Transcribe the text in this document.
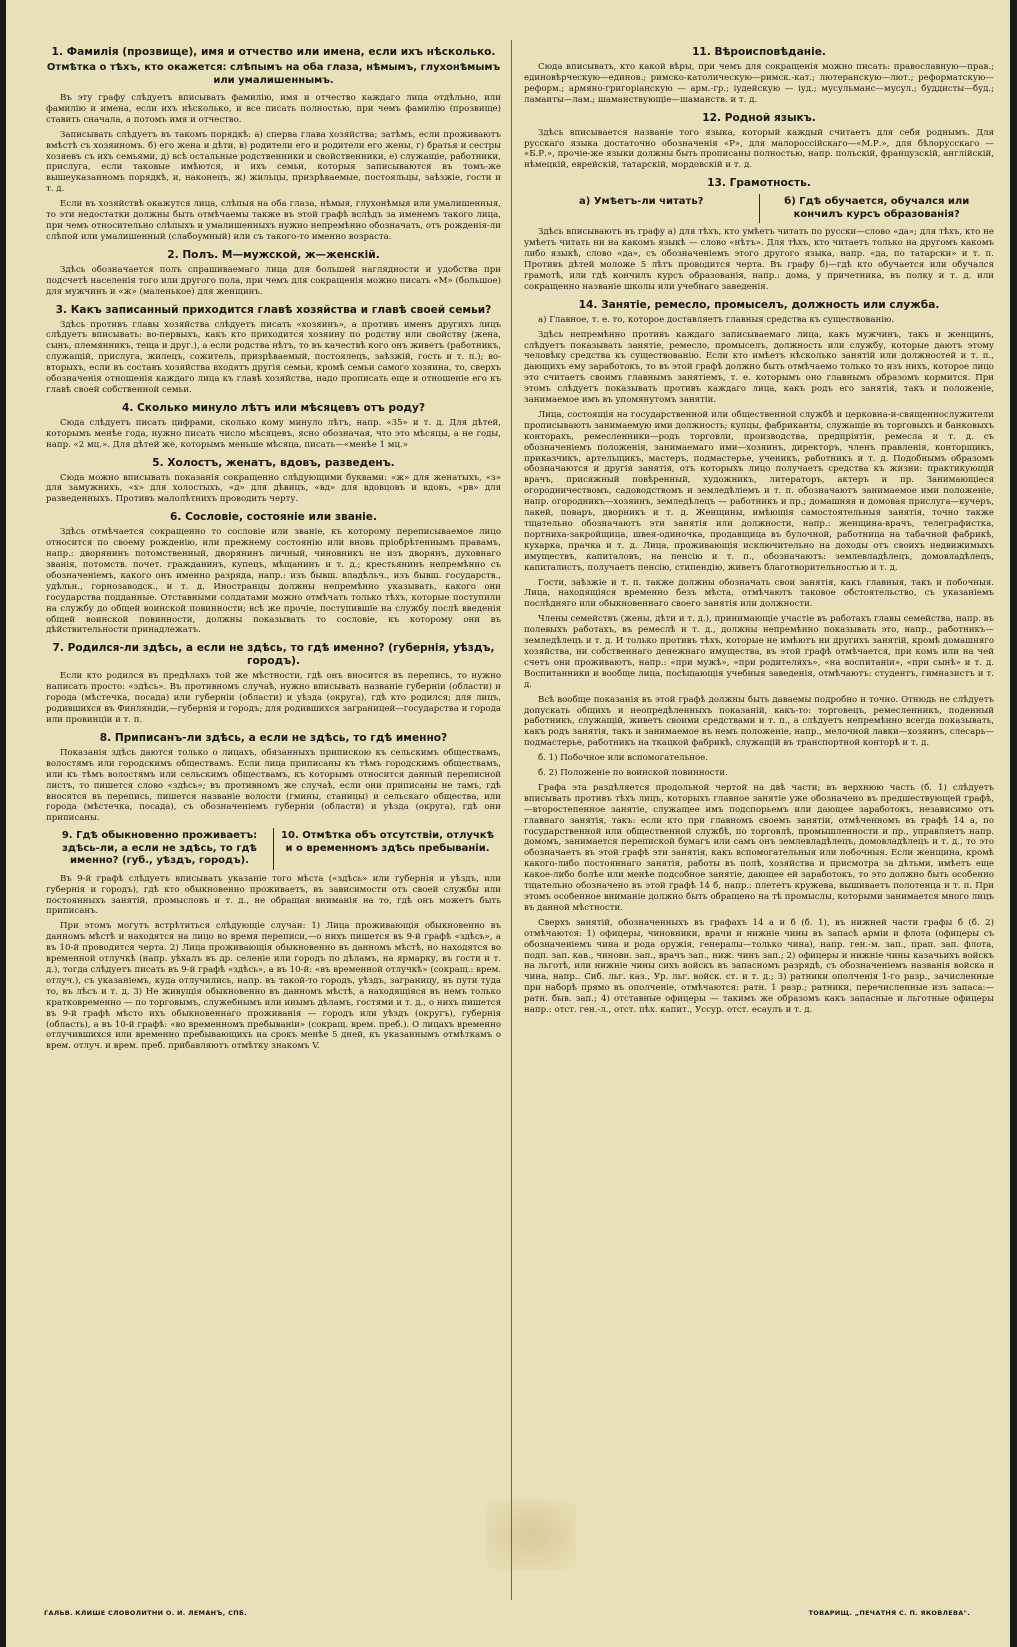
1. Фамилія (прозвище), имя и отчество или имена, если ихъ нѣсколько.
Отмѣтка о тѣхъ, кто окажется: слѣпымъ на оба глаза, нѣмымъ, глухонѣмымъ или умалишеннымъ.

Въ эту графу слѣдуетъ вписывать фамилію, имя и отчество каждаго лица отдѣльно, или фамилію и имена, если ихъ нѣсколько, и все писать полностью, при чемъ фамилію (прозвище) ставить сначала, а потомъ имя и отчество.

Записывать слѣдуетъ въ такомъ порядкѣ: а) сперва глава хозяйства; затѣмъ, если проживаютъ вмѣстѣ съ хозяиномъ. б) его жена и дѣти, в) родители его и родители его жены, г) братья и сестры хозяевъ съ ихъ семьями, д) всѣ остальные родственники и свойственники, е) служащіе, работники, прислуга, если таковые имѣются, и ихъ семьи, которыя записываются въ томъ-же вышеуказанномъ порядкѣ, и, наконецъ, ж) жильцы, призрѣваемые, постояльцы, заѣзжіе, гости и т. д.

Если въ хозяйствѣ окажутся лица, слѣпыя на оба глаза, нѣмыя, глухонѣмыя или умалишенныя, то эти недостатки должны быть отмѣчаемы также въ этой графѣ вслѣдъ за именемъ такого лица, при чемъ относительно слѣпыхъ и умалишенныхъ нужно непремѣнно обозначать, отъ рожденія-ли слѣпой или умалишенный (слабоумный) или съ такого-то именно возраста.

2. Полъ. М—мужской, ж—женскій.

Здѣсь обозначается полъ спрашиваемаго лица для большей наглядности и удобства при подсчетѣ населенія того или другого пола, при чемъ для сокращенія можно писать «М» (большое) для мужчинъ и «ж» (маленькое) для женщинъ.

3. Какъ записанный приходится главѣ хозяйства и главѣ своей семьи?

Здѣсь противъ главы хозяйства слѣдуетъ писать «хозяинъ», а противъ именъ другихъ лицъ слѣдуетъ вписывать: во-первыхъ, какъ кто приходится хозяину по родству или свойству (жена, сынъ, племянникъ, теща и друг.), а если родства нѣтъ, то въ качествѣ кого онъ живетъ (работникъ, служащій, прислуга, жилецъ, сожитель, призрѣваемый, постоялецъ, заѣзжій, гость и т. п.); во-вторыхъ, если въ составъ хозяйства входятъ другія семьи, кромѣ семьи самого хозяина, то, сверхъ обозначенія отношенія каждаго лица къ главѣ хозяйства, надо прописать еще и отношеніе его къ главѣ своей собственной семьи.

4. Сколько минуло лѣтъ или мѣсяцевъ отъ роду?

Сюда слѣдуетъ писать цифрами, сколько кому минуло лѣтъ, напр. «35» и т. д. Для дѣтей, которымъ менѣе года, нужно писать число мѣсяцевъ, ясно обозначая, что это мѣсяцы, а не годы, напр. «2 мц.». Для дѣтей же, которымъ меньше мѣсяца, писать—«менѣе 1 мц.»

5. Холостъ, женатъ, вдовъ, разведенъ.

Сюда можно вписывать показанія сокращенно слѣдующими буквами: «ж» для женатыхъ, «з» для замужнихъ, «х» для холостыхъ, «д» для дѣвицъ, «вд» для вдовцовъ и вдовъ, «рв» для разведенныхъ. Противъ малолѣтнихъ проводить черту.

6. Сословіе, состояніе или званіе.

Здѣсь отмѣчается сокращенно то сословіе или званіе, къ которому переписываемое лицо относится по своему рожденію, или прежнему состоянію или вновь пріобрѣтеннымъ правамъ, напр.: дворянинъ потомственный, дворянинъ личный, чиновникъ не изъ дворянъ, духовнаго званія, потомств. почет. гражданинъ, купецъ, мѣщанинъ и т. д.; крестьянинъ непремѣнно съ обозначеніемъ, какого онъ именно разряда, напр.: изъ бывш. владѣльч., изъ бывш. государств., удѣльн., горнозаводск., и т. д. Иностранцы должны непремѣнно указывать, какого они государства подданные. Отставными солдатами можно отмѣчать только тѣхъ, которые поступили на службу до общей воинской повинности; всѣ же прочіе, поступившіе на службу послѣ введенія общей воинской повинности, должны показывать то сословіе, къ которому они въ дѣйствительности принадлежатъ.

7. Родился-ли здѣсь, а если не здѣсь, то гдѣ именно? (губернія, уѣздъ, городъ).

Если кто родился въ предѣлахъ той же мѣстности, гдѣ онъ вносится въ перепись, то нужно написать просто: «здѣсь». Въ противномъ случаѣ, нужно вписывать названіе губерніи (области) и города (мѣстечка, посада) или губерніи (области) и уѣзда (округа), гдѣ кто родился; для лицъ, родившихся въ Финляндіи,—губернія и городъ; для родившихся заграницей—государства и города или провинціи и т. п.

8. Приписанъ-ли здѣсь, а если не здѣсь, то гдѣ именно?

Показанія здѣсь даются только о лицахъ, обязанныхъ припискою къ сельскимъ обществамъ, волостямъ или городскимъ обществамъ. Если лица приписаны къ тѣмъ городскимъ обществамъ, или къ тѣмъ волостямъ или сельскимъ обществамъ, къ которымъ относится данный переписной листъ, то пишется слово «здѣсь»; въ противномъ же случаѣ, если они приписаны не тамъ, гдѣ вносятся въ перепись, пишется названіе волости (гмины, станицы) и сельскаго общества, или города (мѣстечка, посада), съ обозначеніемъ губерніи (области) и уѣзда (округа), гдѣ они приписаны.

9. Гдѣ обыкновенно проживаетъ: здѣсь-ли, а если не здѣсь, то гдѣ именно? (губ., уѣздъ, городъ).
10. Отмѣтка объ отсутствіи, отлучкѣ и о временномъ здѣсь пребываніи.

Въ 9-й графѣ слѣдуетъ вписывать указаніе того мѣста («здѣсь» или губернія и уѣздъ, или губернія и городъ), гдѣ кто обыкновенно проживаетъ, въ зависимости отъ своей службы или постоянныхъ занятій, промысловъ и т. д., не обращая вниманія на то, гдѣ онъ можетъ быть приписанъ.

При этомъ могутъ встрѣтиться слѣдующіе случаи: 1) Лица проживающія обыкновенно въ данномъ мѣстѣ и находятся на лицо во время переписи,—о нихъ пишется въ 9-й графѣ «здѣсь», а въ 10-й проводится черта. 2) Лица проживающія обыкновенно въ данномъ мѣстѣ, но находятся во временной отлучкѣ (напр. уѣхалъ въ др. селеніе или городъ по дѣламъ, на ярмарку, въ гости и т. д.), тогда слѣдуетъ писать въ 9-й графѣ «здѣсь», а въ 10-й: «въ временной отлучкѣ» (сокращ.: врем. отлуч.), съ указаніемъ, куда отлучились, напр. въ такой-то городъ, уѣздъ, заграницу, въ пути туда то, въ лѣсъ и т. д. 3) Не живущія обыкновенно въ данномъ мѣстѣ, а находящіяся въ немъ только кратковременно — по торговымъ, служебнымъ или инымъ дѣламъ, гостями и т. д., о нихъ пишется въ 9-й графѣ мѣсто ихъ обыкновеннаго проживанія — городъ или уѣздъ (округъ), губернія (область), а въ 10-й графѣ: «во временномъ пребываніи» (сокращ. врем. преб.). О лицахъ временно отлучившихся или временно пребывающихъ на срокъ менѣе 5 дней, къ указаннымъ отмѣткамъ о врем. отлуч. и врем. преб. прибавляютъ отмѣтку знакомъ V.

11. Вѣроисповѣданіе.

Сюда вписывать, кто какой вѣры, при чемъ для сокращенія можно писать: православную—прав.; единовѣрческую—единов.; римско-католическую—римск.-кат.; лютеранскую—лют.; реформатскую—реформ.; армяно-григоріанскую — арм.-гр.; іудейскую — іуд.; мусульманс—мусул.; буддисты—буд.; ламаиты—лам.; шаманствующіе—шаманств. и т. д.

12. Родной языкъ.

Здѣсь вписывается названіе того языка, который каждый считаетъ для себя роднымъ. Для русскаго языка достаточно обозначенія «Р», для малороссійскаго—«М.Р.», для бѣлорусскаго — «Б.Р.», прочіе-же языки должны быть прописаны полностью, напр. польскій, французскій, англійскій, нѣмецкій, еврейскій, татарскій, мордовскій и т. д.

13. Грамотность.
а) Умѣетъ-ли читать?	б) Гдѣ обучается, обучался или кончилъ курсъ образованія?

Здѣсь вписываютъ въ графу а) для тѣхъ, кто умѣетъ читать по русски—слово «да»; для тѣхъ, кто не умѣетъ читать ни на какомъ языкѣ — слово «нѣтъ». Для тѣхъ, кто читаетъ только на другомъ какомъ либо языкѣ, слово «да», съ обозначеніемъ этого другого языка, напр. «да, по татарски» и т. п. Противъ дѣтей моложе 5 лѣтъ проводится черта. Въ графу б)—гдѣ кто обучается или обучался грамотѣ, или гдѣ кончилъ курсъ образованія, напр.: дома, у причетника, въ полку и т. д. или сокращенно названіе школы или учебнаго заведенія.

14. Занятіе, ремесло, промыселъ, должность или служба.

а) Главное, т. е. то, которое доставляетъ главныя средства къ существованію.

Здѣсь непремѣнно противъ каждаго записываемаго лица, какъ мужчинъ, такъ и женщинъ, слѣдуетъ показывать занятіе, ремесло, промыселъ, должность или службу, которые даютъ этому человѣку средства къ существованію. Если кто имѣетъ нѣсколько занятій или должностей и т. п., дающихъ ему заработокъ, то въ этой графѣ должно быть отмѣчаемо только то изъ нихъ, которое лицо это считаетъ своимъ главнымъ занятіемъ, т. е. которымъ оно главнымъ образомъ кормится. При этомъ слѣдуетъ показывать противъ каждаго лица, какъ родъ его занятія, такъ и положеніе, занимаемое имъ въ упомянутомъ занятіи.

Лица, состоящія на государственной или общественной службѣ и церковна-и-священнослужители прописываютъ занимаемую ими должность; купцы, фабриканты, служащіе въ торговыхъ и банковыхъ конторахъ, ремесленники—родъ торговли, производства, предпріятія, ремесла и т. д. съ обозначеніемъ положенія, занимаемаго ими—хозяинъ, директоръ, членъ правленія, конторщикъ, приказчикъ, артельщикъ, мастеръ, подмастерье, ученикъ, работникъ и т. д. Подобнымъ образомъ обозначаются и другія занятія, отъ которыхъ лицо получаетъ средства къ жизни: практикующій врачъ, присяжный повѣренный, художникъ, литераторъ, актеръ и пр. Занимающіеся огородничествомъ, садоводствомъ и земледѣліемъ и т. п. обозначаютъ занимаемое ими положеніе, напр. огородникъ—хозяинъ, земледѣлецъ — работникъ и пр.; домашняя и домовая прислуга—кучеръ, лакей, поваръ, дворникъ и т. д. Женщины, имѣющія самостоятельныя занятія, точно также тщательно обозначаютъ эти занятія или должности, напр.: женщина-врачъ, телеграфистка, портниха-закройщица, швея-одиночка, продавщица въ булочной, работница на табачной фабрикѣ, кухарка, прачка и т. д. Лица, проживающія исключительно на доходы отъ своихъ недвижимыхъ имуществъ, капиталовъ, на пенсію и т. п., обозначаютъ: землевладѣлецъ, домовладѣлецъ, капиталистъ, получаетъ пенсію, стипендію, живетъ благотворительностью и т. д.

Гости, заѣзжіе и т. п. также должны обозначать свои занятія, какъ главныя, такъ и побочныя. Лица, находящіяся временно безъ мѣста, отмѣчаютъ таковое обстоятельство, съ указаніемъ послѣдняго или обыкновеннаго своего занятія или должности.

Члены семействъ (жены, дѣти и т. д.), принимающіе участіе въ работахъ главы семейства, напр. въ полевыхъ работахъ, въ ремеслѣ и т. д., должны непремѣнно показывать это, напр., работникъ—земледѣлецъ и т. д. И только противъ тѣхъ, которые не имѣютъ ни другихъ занятій, кромѣ домашняго хозяйства, ни собственнаго денежнаго имущества, въ этой графѣ отмѣчается, при комъ или на чей счетъ они проживаютъ, напр.: «при мужѣ», «при родителяхъ», «на воспитаніи», «при сынѣ» и т. д. Воспитанники и вообще лица, посѣщающія учебныя заведенія, отмѣчаютъ: студентъ, гимназистъ и т. д.

Всѣ вообще показанія въ этой графѣ должны быть даваемы подробно и точно. Отнюдь не слѣдуетъ допускать общихъ и неопредѣленныхъ показаній, какъ-то: торговецъ, ремесленникъ, поденный работникъ, служащій, живетъ своими средствами и т. п., а слѣдуетъ непремѣнно всегда показывать, какъ родъ занятія, такъ и занимаемое въ немъ положеніе, напр., мелочной лавки—хозяинъ, слесарь—подмастерье, работникъ на ткацкой фабрикѣ, служащій въ транспортной конторѣ и т. д.

б. 1) Побочное или вспомогательное.

б. 2) Положеніе по воинской повинности.

Графа эта раздѣляется продольной чертой на двѣ части; въ верхнюю часть (б. 1) слѣдуетъ вписывать противъ тѣхъ лицъ, которыхъ главное занятіе уже обозначено въ предшествующей графѣ,—второстепенное занятіе, служащее имъ подспорьемъ или дающее заработокъ, независимо отъ главнаго занятія, такъ: если кто при главномъ своемъ занятіи, отмѣченномъ въ графѣ 14 а, по государственной или общественной службѣ, по торговлѣ, промышленности и пр., управляетъ напр. домомъ, занимается перепиской бумагъ или самъ онъ землевладѣлецъ, домовладѣлецъ и т. д., то это обозначаетъ въ этой графѣ эти занятія, какъ вспомогательныя или побочныя. Если женщина, кромѣ какого-либо постояннаго занятія, работы въ полѣ, хозяйства и присмотра за дѣтьми, имѣетъ еще какое-либо болѣе или менѣе подсобное занятіе, дающее ей заработокъ, то это должно быть особенно тщательно обозначено въ этой графѣ 14 б, напр.: плететъ кружева, вышиваетъ полотенца и т. п. При этомъ особенное вниманіе должно быть обращено на тѣ промыслы, которыми занимается много лицъ въ данной мѣстности.

Сверхъ занятій, обозначенныхъ въ графахъ 14 а и б (б. 1), въ нижней части графы б (б. 2) отмѣчаются: 1) офицеры, чиновники, врачи и нижніе чины въ запасѣ арміи и флота (офицеры съ обозначеніемъ чина и рода оружія, генералы—только чина), напр. ген.-м. зап., прап. зап. флота, подп. зап. кав., чиновн. зап., врачъ зап., ниж. чинъ зап.; 2) офицеры и нижніе чины казачьихъ войскъ на льготѣ, или нижніе чины сихъ войскъ въ запасномъ разрядѣ, съ обозначеніемъ названія войска и чина, напр.. Сиб. льг. каз., Ур. льг. войск. ст. и т. д.; 3) ратники ополченія 1-го разр., зачисленные при наборѣ прямо въ ополченіе, отмѣчаются: ратн. 1 разр.; ратники, перечисленные изъ запаса:—ратн. быв. зап.; 4) отставные офицеры — такимъ же образомъ какъ запасные и льготные офицеры напр.: отст. ген.-л., отст. пѣх. капит., Уссур. отст. есаулъ и т. д.

ГАЛЬВ. КЛИШЕ СЛОВОЛИТНИ О. И. ЛЕМАНЪ, СПБ.	ТОВАРИЩ. „ПЕЧАТНЯ С. П. ЯКОВЛЕВА".
